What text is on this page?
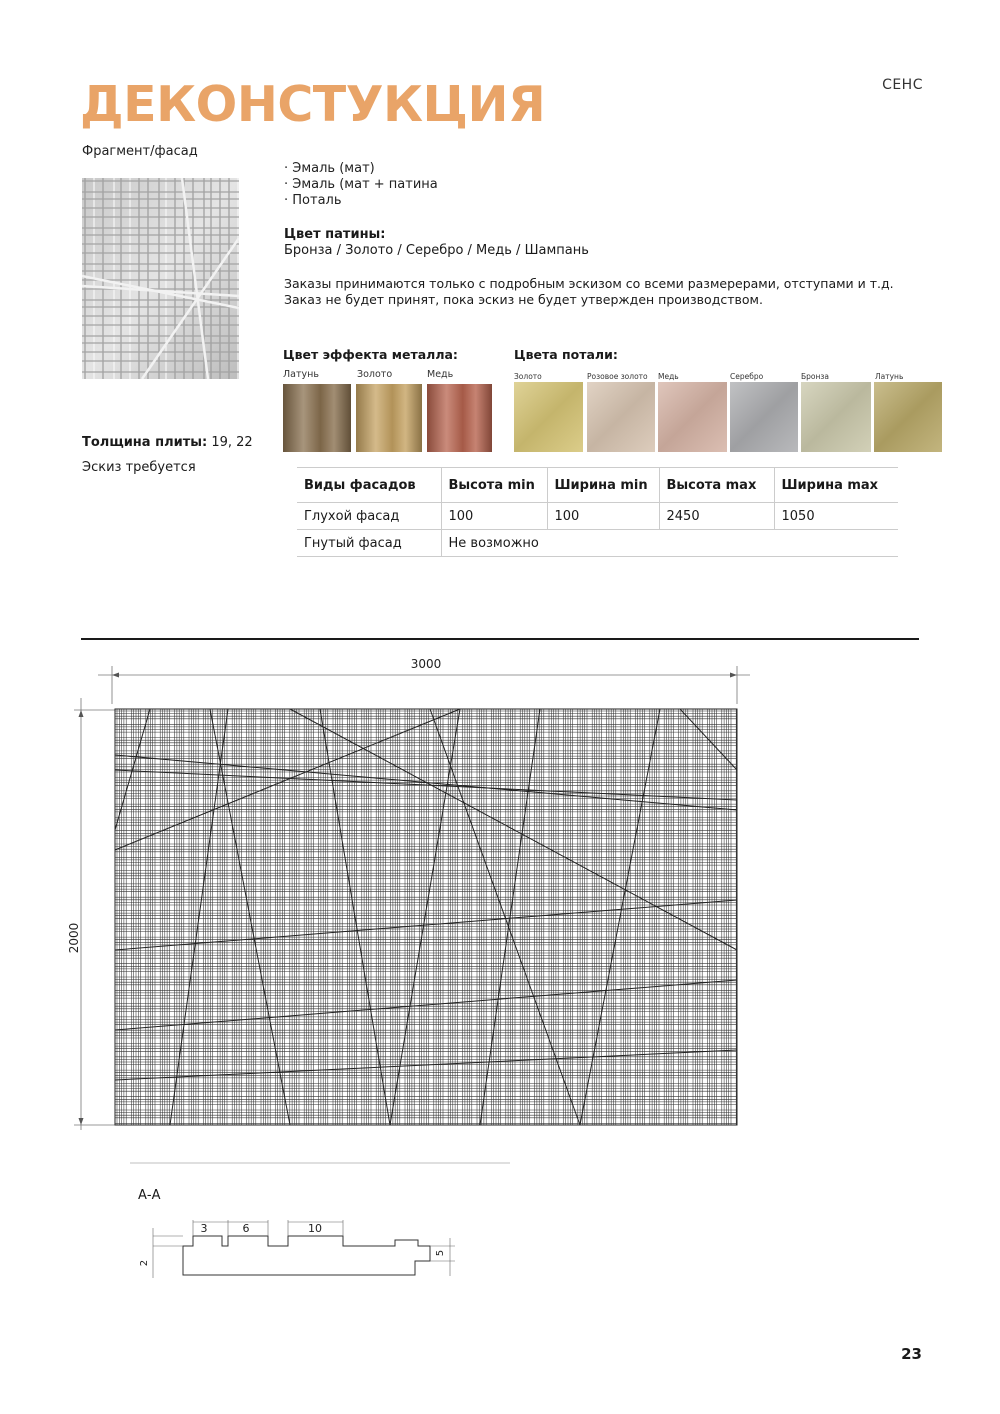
СЕНС
ДЕКОНСТУКЦИЯ
Фрагмент/фасад
· Эмаль (мат)
· Эмаль (мат + патина
· Поталь
Цвет патины:
Бронза / Золото / Серебро / Медь / Шампань
Заказы принимаются только с подробным эскизом со всеми размерерами, отступами и т.д.
Заказ не будет принят, пока эскиз не будет утвержден производством.
Цвет эффекта металла:	Цвета потали:
Латунь	Золото	Медь	Золото	Розовое золото Медь	Серебро	Бронза	Латунь
Толщина плиты: 19, 22
Эскиз требуется
Виды фасадов	Высота min	Ширина min	Высота max	Ширина max
Глухой фасад	100	100	2450	1050
Гнутый фасад	Не возможно			
3000
2000
А-А
3	6	10
2
5
23
